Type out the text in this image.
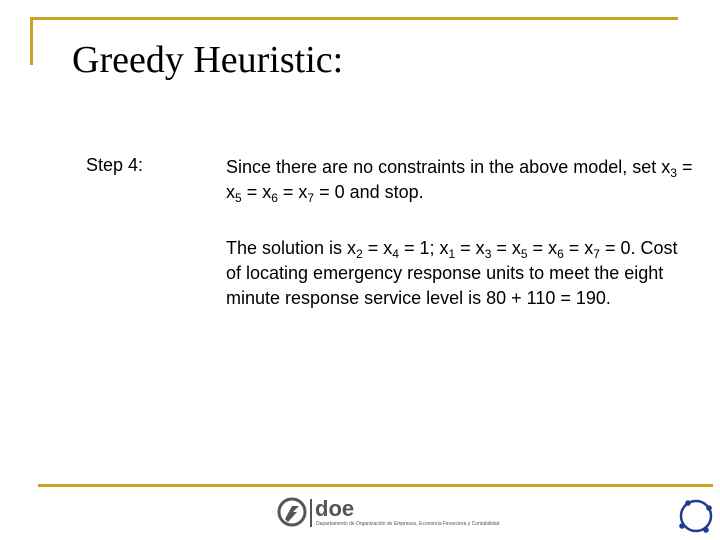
Greedy Heuristic:
Step 4:	Since there are no constraints in the above model, set $x_3 = x_5 = x_6 = x_7 = 0$ and stop.

The solution is $x_2 = x_4 = 1$; $x_1 = x_3 = x_5 = x_6 = x_7 = 0$. Cost of locating emergency response units to meet the eight minute response service level is 80 + 110 = 190.

doe
Departamento de Organización de Empresas, Economía Financiera y Contabilidad
